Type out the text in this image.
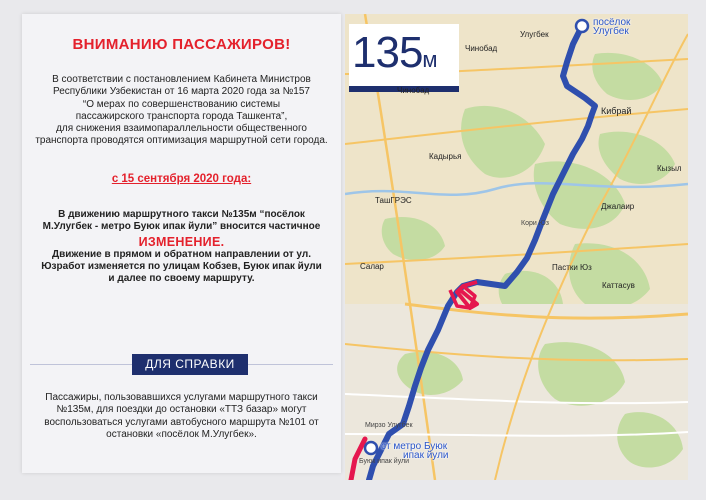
ВНИМАНИЮ ПАССАЖИРОВ!
В соответствии с постановлением Кабинета Министров
Республики Узбекистан от 16 марта 2020 года за №157
“О мерах по совершенствованию системы
пассажирского транспорта города Ташкента”,
для снижения взаимопараллельности общественного
транспорта проводятся оптимизация маршрутной сети города.
с 15 сентября 2020 года:
В движению маршрутного такси №135м “посёлок
М.Улугбек - метро Буюк ипак йули” вносится частичное
ИЗМЕНЕНИЕ.
Движение в прямом и обратном направлении от ул.
Юзработ изменяется по улицам Кобзев, Буюк ипак йули
и далее по своему маршруту.
ДЛЯ СПРАВКИ
Пассажиры, пользовавшихся услугами маршрутного такси
№135м, для поездки до остановки «ТТЗ базар» могут
воспользоваться услугами автобусного маршрута №101 от
остановки «посёлок М.Улугбек».
135м
посёлок
Улугбек
ст метро Буюк
ипак йули
Улугбек
Чинобад
Чинобад
Кибрай
Кадырья
ТашГРЭС
Кори Юз
Джалаир
Пастки Юз
Каттасув
Салар
Кызыл
Мирзо Улугбек
Буюк ипак йули
